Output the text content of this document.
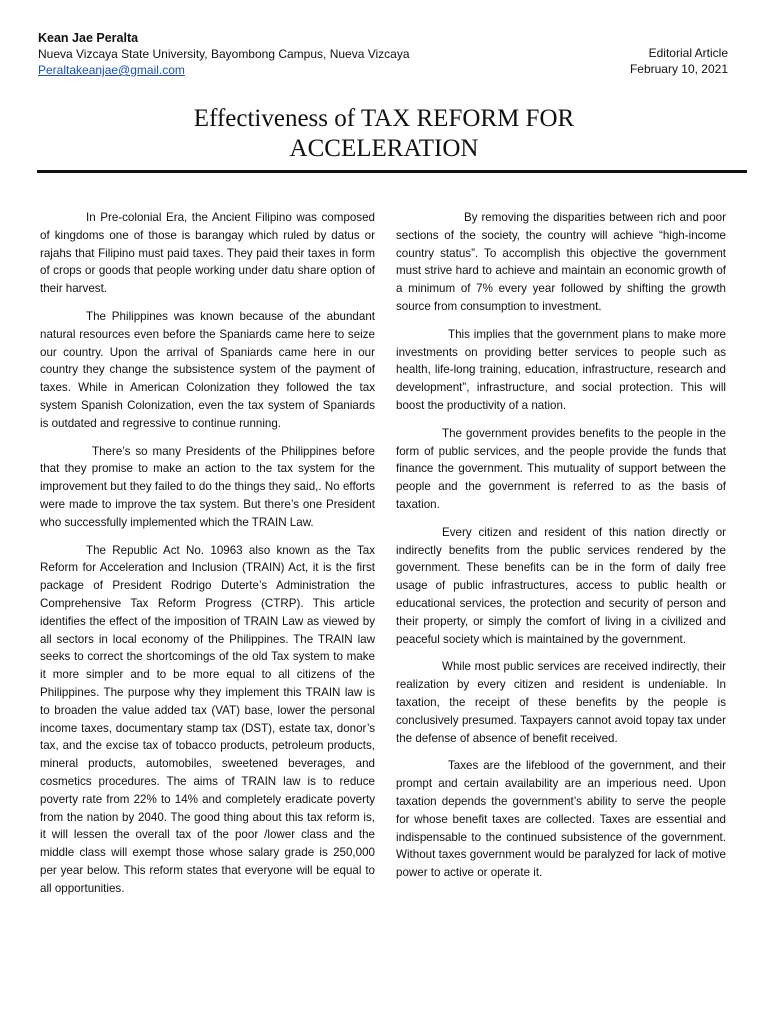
Kean Jae Peralta
Nueva Vizcaya State University, Bayombong Campus, Nueva Vizcaya
Peraltakeanjae@gmail.com
Editorial Article
February 10, 2021
Effectiveness of TAX REFORM FOR
ACCELERATION

In Pre-colonial Era, the Ancient Filipino was composed of kingdoms one of those is barangay which ruled by datus or rajahs that Filipino must paid taxes. They paid their taxes in form of crops or goods that people working under datu share option of their harvest.

The Philippines was known because of the abundant natural resources even before the Spaniards came here to seize our country. Upon the arrival of Spaniards came here in our country they change the subsistence system of the payment of taxes. While in American Colonization they followed the tax system Spanish Colonization, even the tax system of Spaniards is outdated and regressive to continue running.

There’s so many Presidents of the Philippines before that they promise to make an action to the tax system for the improvement but they failed to do the things they said,. No efforts were made to improve the tax system. But there’s one President who successfully implemented which the TRAIN Law.

The Republic Act No. 10963 also known as the Tax Reform for Acceleration and Inclusion (TRAIN) Act, it is the first package of President Rodrigo Duterte’s Administration the Comprehensive Tax Reform Progress (CTRP). This article identifies the effect of the imposition of TRAIN Law as viewed by all sectors in local economy of the Philippines. The TRAIN law seeks to correct the shortcomings of the old Tax system to make it more simpler and to be more equal to all citizens of the Philippines. The purpose why they implement this TRAIN law is to broaden the value added tax (VAT) base, lower the personal income taxes, documentary stamp tax (DST), estate tax, donor’s tax, and the excise tax of tobacco products, petroleum products, mineral products, automobiles, sweetened beverages, and cosmetics procedures. The aims of TRAIN law is to reduce poverty rate from 22% to 14% and completely eradicate poverty from the nation by 2040. The good thing about this tax reform is, it will lessen the overall tax of the poor /lower class and the middle class will exempt those whose salary grade is 250,000 per year below. This reform states that everyone will be equal to all opportunities.

By removing the disparities between rich and poor sections of the society, the country will achieve “high-income country status”. To accomplish this objective the government must strive hard to achieve and maintain an economic growth of a minimum of 7% every year followed by shifting the growth source from consumption to investment.

This implies that the government plans to make more investments on providing better services to people such as health, life-long training, education, infrastructure, research and development”, infrastructure, and social protection. This will boost the productivity of a nation.

The government provides benefits to the people in the form of public services, and the people provide the funds that finance the government. This mutuality of support between the people and the government is referred to as the basis of taxation.

Every citizen and resident of this nation directly or indirectly benefits from the public services rendered by the government. These benefits can be in the form of daily free usage of public infrastructures, access to public health or educational services, the protection and security of person and their property, or simply the comfort of living in a civilized and peaceful society which is maintained by the government.

While most public services are received indirectly, their realization by every citizen and resident is undeniable. In taxation, the receipt of these benefits by the people is conclusively presumed. Taxpayers cannot avoid topay tax under the defense of absence of benefit received.

Taxes are the lifeblood of the government, and their prompt and certain availability are an imperious need. Upon taxation depends the government’s ability to serve the people for whose benefit taxes are collected. Taxes are essential and indispensable to the continued subsistence of the government. Without taxes government would be paralyzed for lack of motive power to active or operate it.
